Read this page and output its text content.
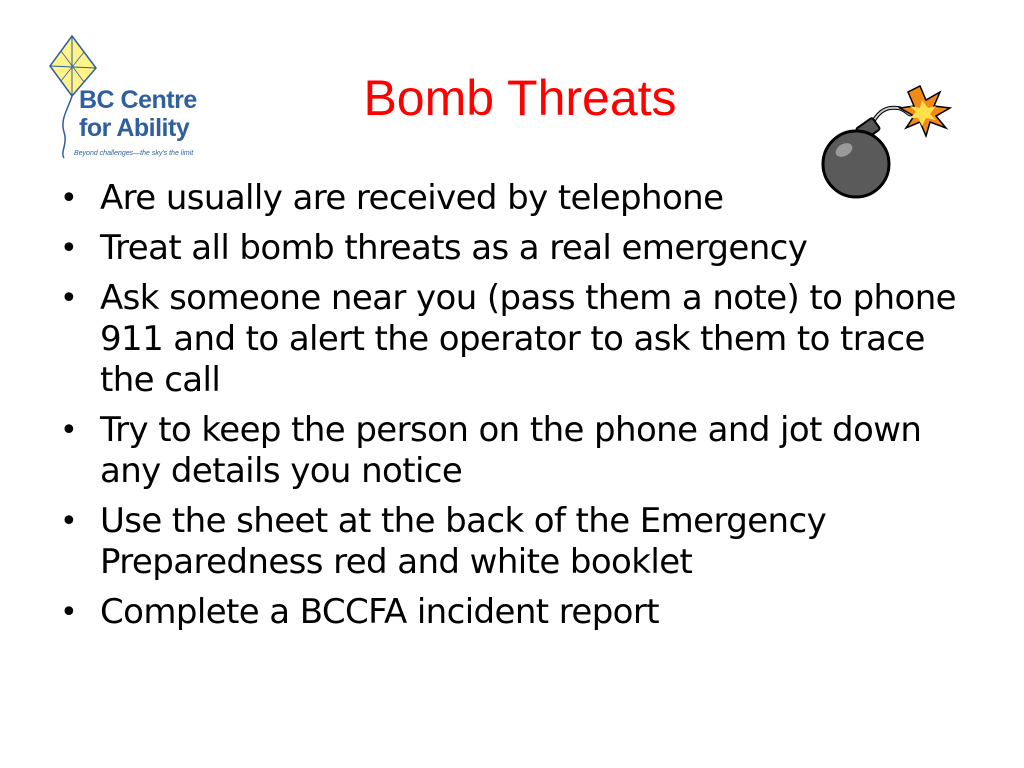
BC Centre
for Ability
Beyond challenges—the sky's the limit
Bomb Threats
• Are usually are received by telephone
• Treat all bomb threats as a real emergency
• Ask someone near you (pass them a note) to phone 911 and to alert the operator to ask them to trace the call
• Try to keep the person on the phone and jot down any details you notice
• Use the sheet at the back of the Emergency Preparedness red and white booklet
• Complete a BCCFA incident report
